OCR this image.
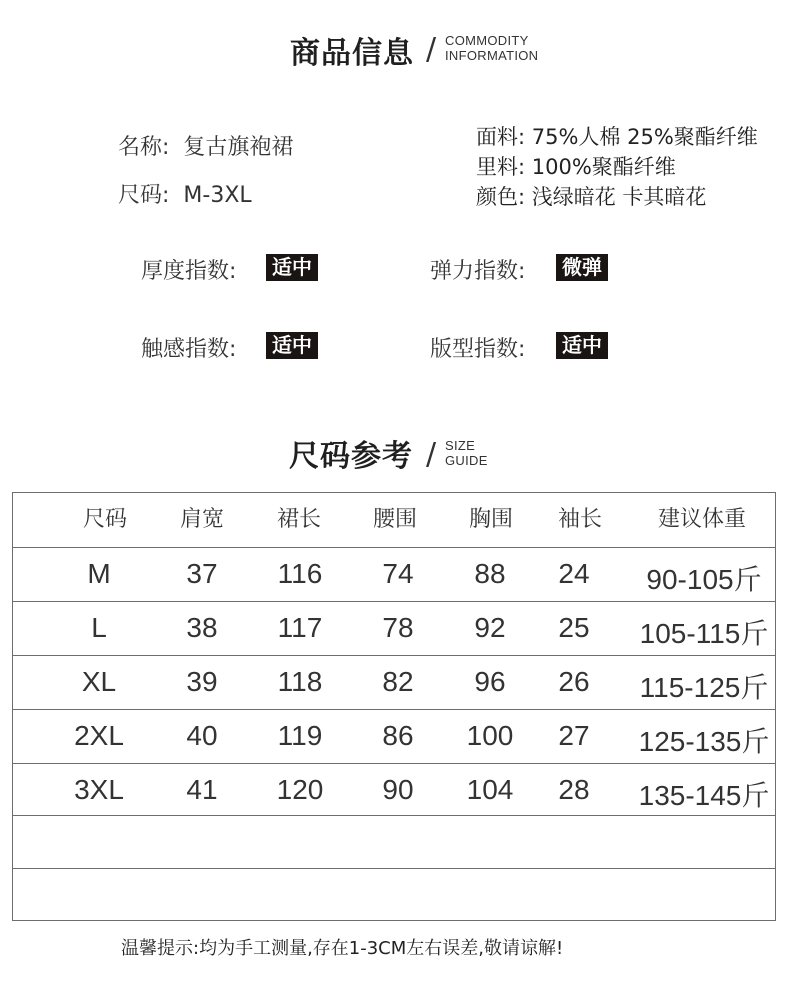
商品信息 / COMMODITY
INFORMATION
名称: 复古旗袍裙
尺码: M-3XL
面料: 75%人棉 25%聚酯纤维
里料: 100%聚酯纤维
颜色: 浅绿暗花 卡其暗花
厚度指数:	适中	弹力指数:	微弹
触感指数:	适中	版型指数:	适中
尺码参考 / SIZE
GUIDE
尺码 肩宽 裙长 腰围 胸围 袖长	建议体重
M	37 116 74 88 24 90-105斤
L	38 117 78 92 25 105-115斤
XL	39 118 82 96 26 115-125斤
2XL 40 119 86 100 27 125-135斤
3XL 41 120 90 104 28 135-145斤
温馨提示:均为手工测量,存在1-3CM左右误差,敬请谅解!
